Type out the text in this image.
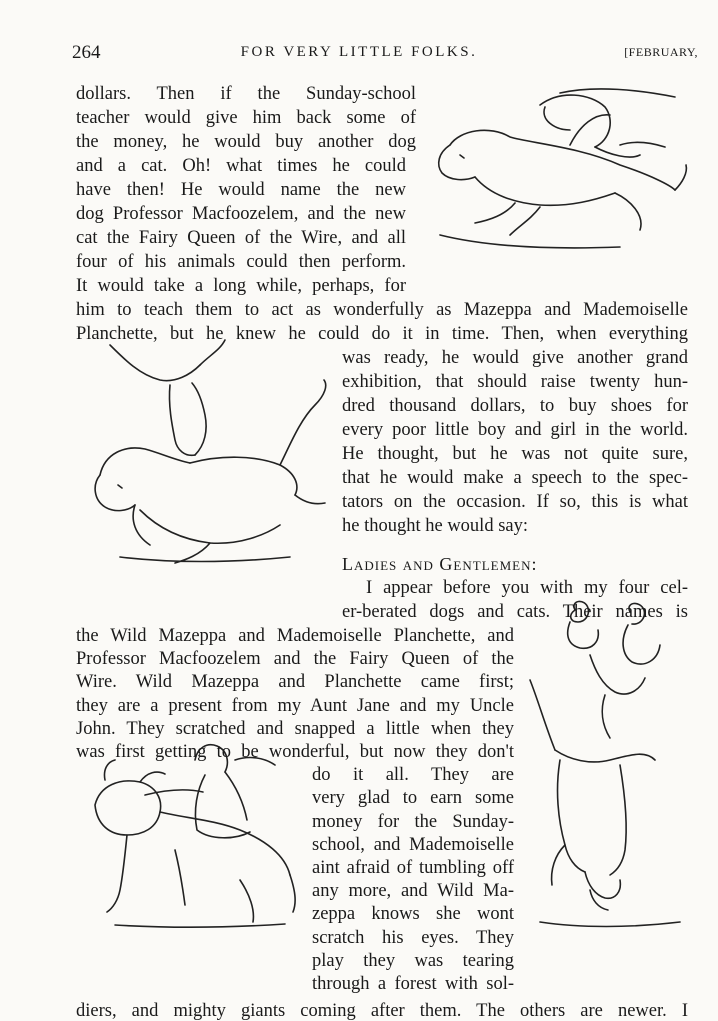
264	FOR VERY LITTLE FOLKS.	[FEBRUARY,
dollars. Then if the Sunday-school
teacher would give him back some of
the money, he would buy another dog
and a cat. Oh! what times he could
have then! He would name the new
dog Professor Macfoozelem, and the new
cat the Fairy Queen of the Wire, and all
four of his animals could then perform.
It would take a long while, perhaps, for
him to teach them to act as wonderfully as Mazeppa and Mademoiselle
Planchette, but he knew he could do it in time. Then, when everything
was ready, he would give another grand
exhibition, that should raise twenty hun-
dred thousand dollars, to buy shoes for
every poor little boy and girl in the world.
He thought, but he was not quite sure,
that he would make a speech to the spec-
tators on the occasion. If so, this is what
he thought he would say:
Ladies and Gentlemen:
I appear before you with my four cel-
er-berated dogs and cats. Their names is
the Wild Mazeppa and Mademoiselle Planchette, and
Professor Macfoozelem and the Fairy Queen of the
Wire. Wild Mazeppa and Planchette came first;
they are a present from my Aunt Jane and my Uncle
John. They scratched and snapped a little when they
was first getting to be wonderful, but now they don't
do it all. They are
very glad to earn some
money for the Sunday-
school, and Mademoiselle
aint afraid of tumbling off
any more, and Wild Ma-
zeppa knows she wont
scratch his eyes. They
play they was tearing
through a forest with sol-
diers, and mighty giants coming after them. The others are newer. I
